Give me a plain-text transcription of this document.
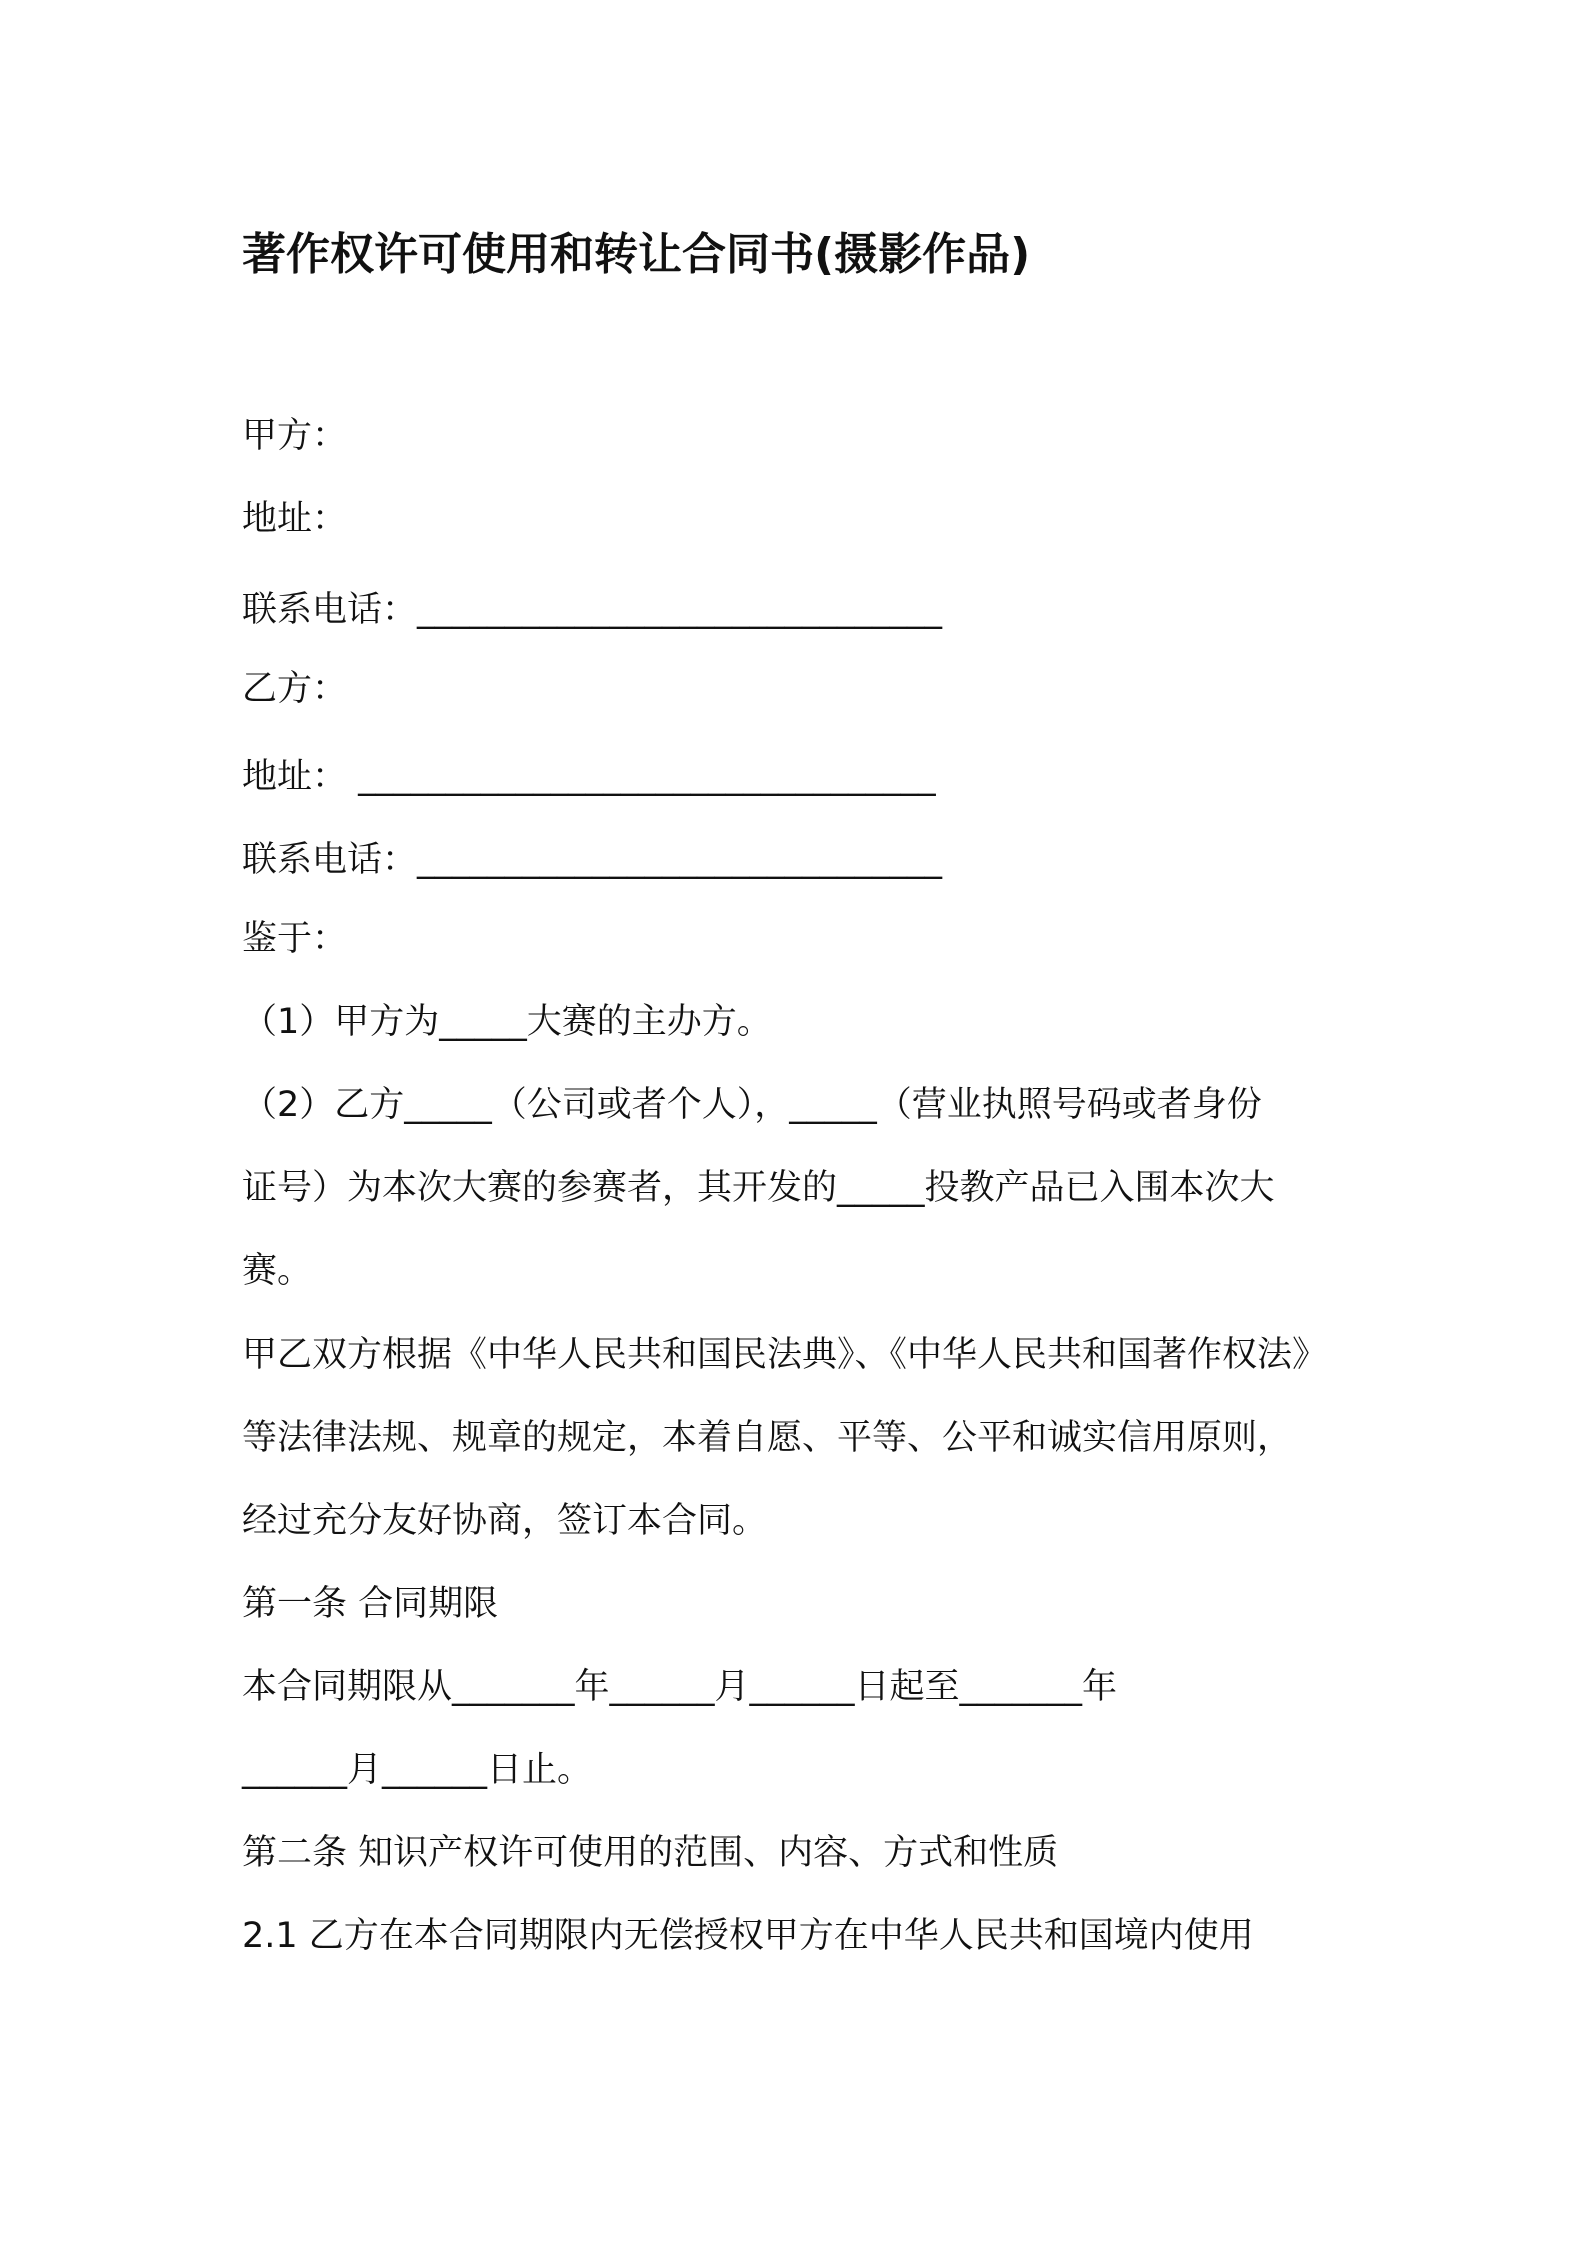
著作权许可使用和转让合同书(摄影作品)
甲方：
地址：
联系电话：______________________________
乙方：
地址： _________________________________
联系电话：______________________________
鉴于：
（1）甲方为_____大赛的主办方。
（2）乙方_____（公司或者个人），_____（营业执照号码或者身份
证号）为本次大赛的参赛者，其开发的_____投教产品已入围本次大
赛。
甲乙双方根据《中华人民共和国民法典》、《中华人民共和国著作权法》
等法律法规、规章的规定，本着自愿、平等、公平和诚实信用原则，
经过充分友好协商，签订本合同。
第一条 合同期限
本合同期限从_______年______月______日起至_______年
______月______日止。
第二条 知识产权许可使用的范围、内容、方式和性质
2.1 乙方在本合同期限内无偿授权甲方在中华人民共和国境内使用
